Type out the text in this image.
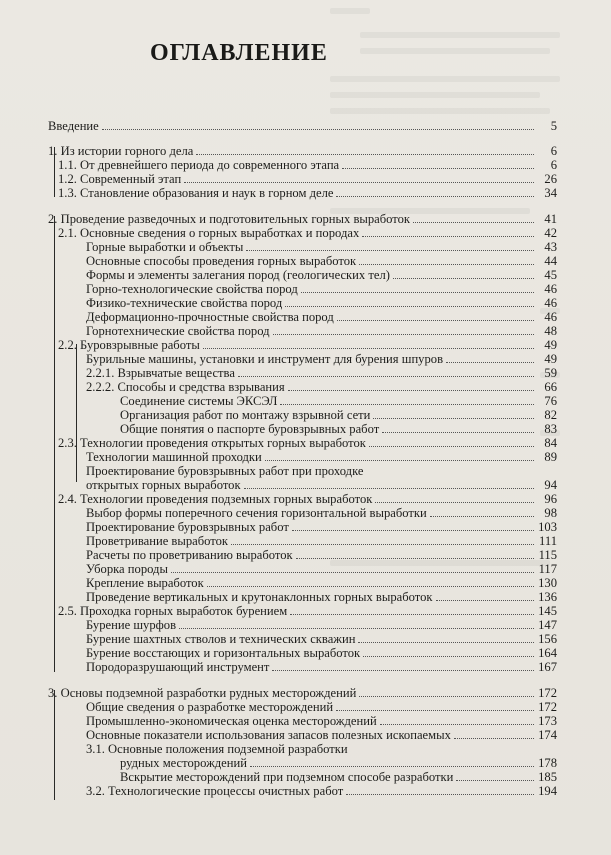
ОГЛАВЛЕНИЕ
Введение	5
1. Из истории горного дела	6
1.1. От древнейшего периода до современного этапа	6
1.2. Современный этап	26
1.3. Становление образования и наук в горном деле	34
2. Проведение разведочных и подготовительных горных выработок	41
2.1. Основные сведения о горных выработках и породах	42
Горные выработки и объекты	43
Основные способы проведения горных выработок	44
Формы и элементы залегания пород (геологических тел)	45
Горно-технологические свойства пород	46
Физико-технические свойства пород	46
Деформационно-прочностные свойства пород	46
Горнотехнические свойства пород	48
2.2. Буровзрывные работы	49
Бурильные машины, установки и инструмент для бурения шпуров	49
2.2.1. Взрывчатые вещества	59
2.2.2. Способы и средства взрывания	66
Соединение системы ЭКСЭЛ	76
Организация работ по монтажу взрывной сети	82
Общие понятия о паспорте буровзрывных работ	83
2.3. Технологии проведения открытых горных выработок	84
Технологии машинной проходки	89
Проектирование буровзрывных работ при проходке
открытых горных выработок	94
2.4. Технологии проведения подземных горных выработок	96
Выбор формы поперечного сечения горизонтальной выработки	98
Проектирование буровзрывных работ	103
Проветривание выработок	111
Расчеты по проветриванию выработок	115
Уборка породы	117
Крепление выработок	130
Проведение вертикальных и крутонаклонных горных выработок	136
2.5. Проходка горных выработок бурением	145
Бурение шурфов	147
Бурение шахтных стволов и технических скважин	156
Бурение восстающих и горизонтальных выработок	164
Породоразрушающий инструмент	167
3. Основы подземной разработки рудных месторождений	172
Общие сведения о разработке месторождений	172
Промышленно-экономическая оценка месторождений	173
Основные показатели использования запасов полезных ископаемых	174
3.1. Основные положения подземной разработки
рудных месторождений	178
Вскрытие месторождений при подземном способе разработки	185
3.2. Технологические процессы очистных работ	194
